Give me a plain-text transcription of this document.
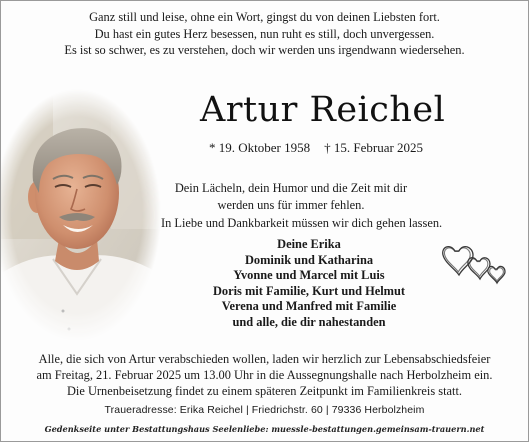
Ganz still und leise, ohne ein Wort, gingst du von deinen Liebsten fort.
Du hast ein gutes Herz besessen, nun ruht es still, doch unvergessen.
Es ist so schwer, es zu verstehen, doch wir werden uns irgendwann wiedersehen.
Artur Reichel
* 19. Oktober 1958 † 15. Februar 2025
Dein Lächeln, dein Humor und die Zeit mit dir
werden uns für immer fehlen.
In Liebe und Dankbarkeit müssen wir dich gehen lassen.
Deine Erika
Dominik und Katharina
Yvonne und Marcel mit Luis
Doris mit Familie, Kurt und Helmut
Verena und Manfred mit Familie
und alle, die dir nahestanden
Alle, die sich von Artur verabschieden wollen, laden wir herzlich zur Lebensabschiedsfeier
am Freitag, 21. Februar 2025 um 13.00 Uhr in die Aussegnungshalle nach Herbolzheim ein.
Die Urnenbeisetzung findet zu einem späteren Zeitpunkt im Familienkreis statt.
Traueradresse: Erika Reichel | Friedrichstr. 60 | 79336 Herbolzheim
Gedenkseite unter Bestattungshaus Seelenliebe: muessle-bestattungen.gemeinsam-trauern.net
